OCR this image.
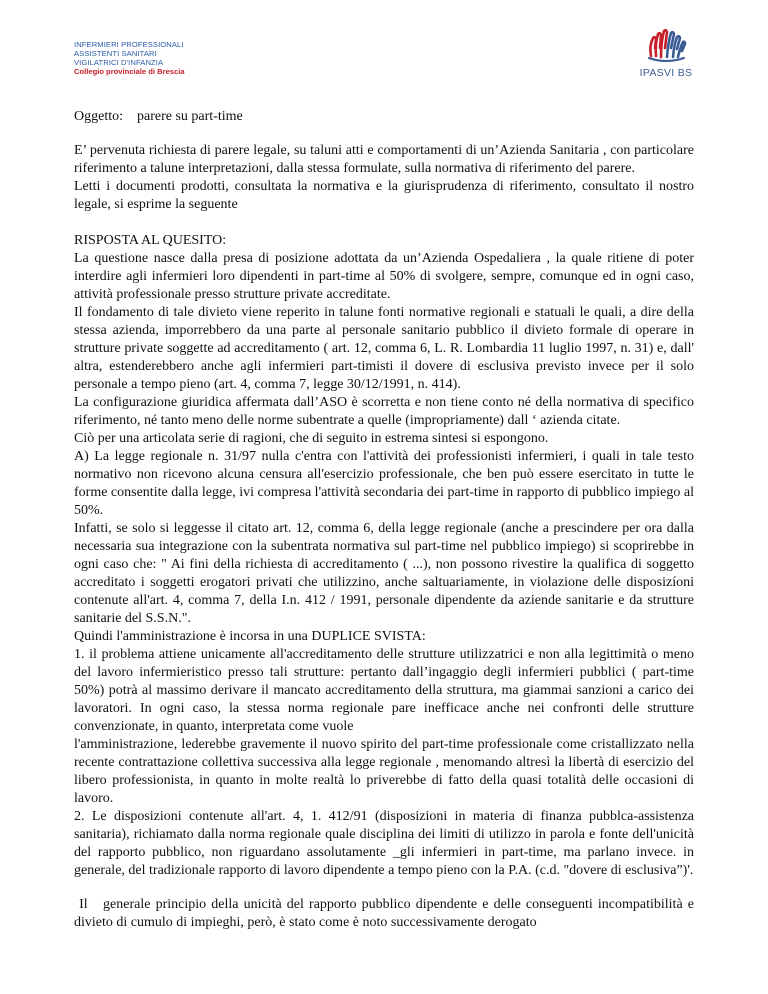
INFERMIERI PROFESSIONALI
ASSISTENTI SANITARI
VIGILATRICI D'INFANZIA
Collegio provinciale di Brescia	IPASVI BS
Oggetto: parere su part-time

E’ pervenuta richiesta di parere legale, su taluni atti e comportamenti di un’Azienda Sanitaria , con particolare riferimento a talune interpretazioni, dalla stessa formulate, sulla normativa di riferimento del parere.

Letti i documenti prodotti, consultata la normativa e la giurisprudenza di riferimento, consultato il nostro legale, si esprime la seguente

RISPOSTA AL QUESITO:

La questione nasce dalla presa di posizione adottata da un’Azienda Ospedaliera , la quale ritiene di poter interdire agli infermieri loro dipendenti in part-time al 50% di svolgere, sempre, comunque ed in ogni caso, attività professionale presso strutture private accreditate.

Il fondamento di tale divieto viene reperito in talune fonti normative regionali e statuali le quali, a dire della stessa azienda, imporrebbero da una parte al personale sanitario pubblico il divieto formale di operare in strutture private soggette ad accreditamento ( art. 12, comma 6, L. R. Lombardia 11 luglio 1997, n. 31) e, dall' altra, estenderebbero anche agli infermieri part-timisti il dovere di esclusiva previsto invece per il solo personale a tempo pieno (art. 4, comma 7, legge 30/12/1991, n. 414).

La configurazione giuridica affermata dall’ASO è scorretta e non tiene conto né della normativa di specifico riferimento, né tanto meno delle norme subentrate a quelle (impropriamente) dall ‘ azienda citate.

Ciò per una articolata serie di ragioni, che di seguito in estrema sintesi si espongono.

A) La legge regionale n. 31/97 nulla c'entra con l'attività dei professionisti infermieri, i quali in tale testo normativo non ricevono alcuna censura all'esercizio professionale, che ben può essere esercitato in tutte le forme consentite dalla legge, ivi compresa l'attività secondaria dei part-time in rapporto di pubblico impiego al 50%.

Infatti, se solo si leggesse il citato art. 12, comma 6, della legge regionale (anche a prescindere per ora dalla necessaria sua integrazione con la subentrata normativa sul part-time nel pubblico impiego) si scoprirebbe in ogni caso che: " Ai fini della richiesta di accreditamento ( ...), non possono rivestire la qualifica di soggetto accreditato i soggetti erogatori privati che utilizzino, anche saltuariamente, in violazione delle disposizíoni contenute all'art. 4, comma 7, della I.n. 412 / 1991, personale dipendente da aziende sanitarie e da strutture sanitarie del S.S.N.".

Quindi l'amministrazione è incorsa in una DUPLICE SVISTA:

1. il problema attiene unicamente all'accreditamento delle strutture utilizzatrici e non alla legittimità o meno del lavoro infermieristico presso tali strutture: pertanto dall’ingaggio degli infermieri pubblici ( part-time 50%) potrà al massimo derivare il mancato accreditamento della struttura, ma giammai sanzioni a carico dei lavoratori. In ogni caso, la stessa norma regionale pare inefficace anche nei confronti delle strutture convenzionate, in quanto, interpretata come vuole

l'amministrazione, lederebbe gravemente il nuovo spirito del part-time professionale come cristallizzato nella recente contrattazione collettiva successiva alla legge regionale , menomando altresì la libertà di esercizio del libero professionista, in quanto in molte realtà lo priverebbe di fatto della quasi totalità delle occasioni di lavoro.

2. Le disposizioni contenute all'art. 4, 1. 412/91 (disposizioni in materia di finanza pubblca-assistenza sanitaria), richiamato dalla norma regionale quale disciplina dei limiti di utilizzo in parola e fonte dell'unicità del rapporto pubblico, non riguardano assolutamente _gli infermieri in part-time, ma parlano invece. in generale, del tradizionale rapporto di lavoro dipendente a tempo pieno con la P.A. (c.d. "dovere di esclusiva”)'.

Il   generale principio della unicità del rapporto pubblico dipendente e delle conseguenti incompatibilità e divieto di cumulo di impieghi, però, è stato come è noto successivamente derogato
